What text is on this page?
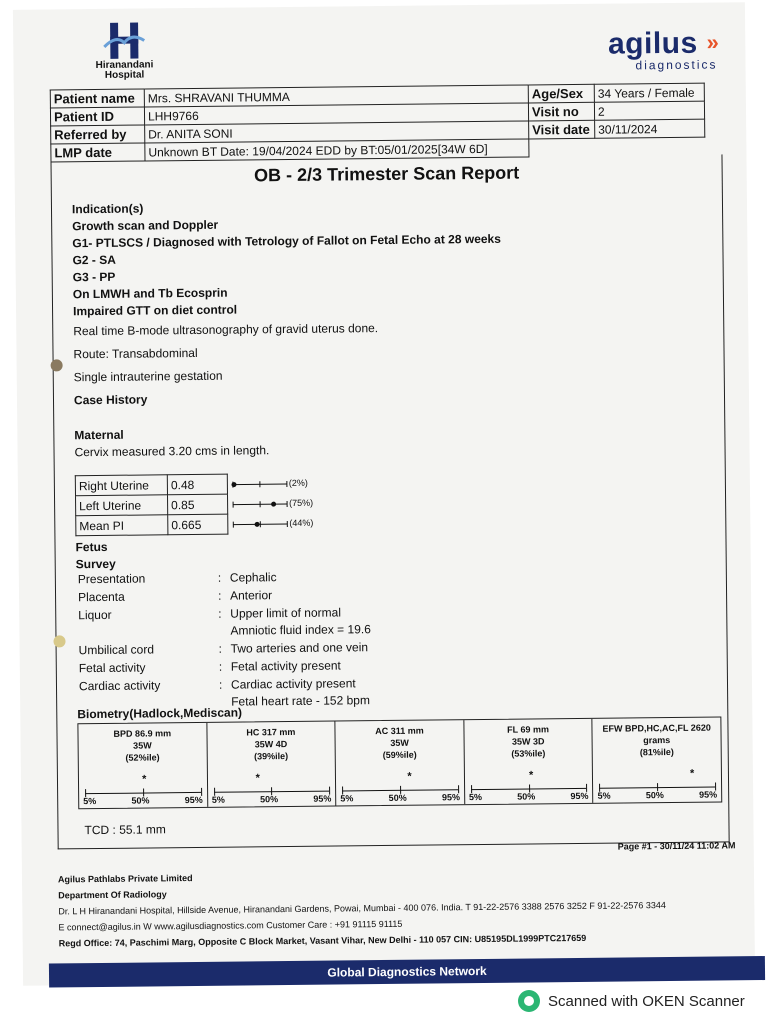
Hiranandani
Hospital
agilus »
diagnostics
Patient name	Mrs. SHRAVANI THUMMA	Age/Sex	34 Years / Female
Patient ID	LHH9766	Visit no	2
Referred by	Dr. ANITA SONI	Visit date	30/11/2024
LMP date	Unknown BT Date: 19/04/2024 EDD by BT:05/01/2025[34W 6D]		
OB - 2/3 Trimester Scan Report
Indication(s)
Growth scan and Doppler
G1- PTLSCS / Diagnosed with Tetrology of Fallot on Fetal Echo at 28 weeks
G2 - SA
G3 - PP
On LMWH and Tb Ecosprin
Impaired GTT on diet control
Real time B-mode ultrasonography of gravid uterus done.
Route: Transabdominal
Single intrauterine gestation
Case History
Maternal
Cervix measured 3.20 cms in length.
Right Uterine	0.48	(2%)
Left Uterine	0.85	(75%)
Mean PI	0.665	(44%)
Fetus
Survey
Presentation	: Cephalic
Placenta	: Anterior
Liquor	: Upper limit of normal
Amniotic fluid index = 19.6
Umbilical cord	: Two arteries and one vein
Fetal activity	: Fetal activity present
Cardiac activity	: Cardiac activity present
Fetal heart rate - 152 bpm
Biometry(Hadlock,Mediscan)
BPD 86.9 mm
35W
(52%ile)
*
5%	50%	95%
HC 317 mm
35W 4D
(39%ile)
*
5%	50%	95%
AC 311 mm
35W
(59%ile)
*
5%	50%	95%
FL 69 mm
35W 3D
(53%ile)
*
5%	50%	95%
EFW BPD,HC,AC,FL 2620
grams
(81%ile)
*
5%	50%	95%
TCD : 55.1 mm
Page #1 - 30/11/24 11:02 AM
Agilus Pathlabs Private Limited
Department Of Radiology
Dr. L H Hiranandani Hospital, Hillside Avenue, Hiranandani Gardens, Powai, Mumbai - 400 076. India. T 91-22-2576 3388 2576 3252 F 91-22-2576 3344
E connect@agilus.in W www.agilusdiagnostics.com Customer Care : +91 91115 91115
Regd Office: 74, Paschimi Marg, Opposite C Block Market, Vasant Vihar, New Delhi - 110 057 CIN: U85195DL1999PTC217659
Global Diagnostics Network
Scanned with OKEN Scanner
